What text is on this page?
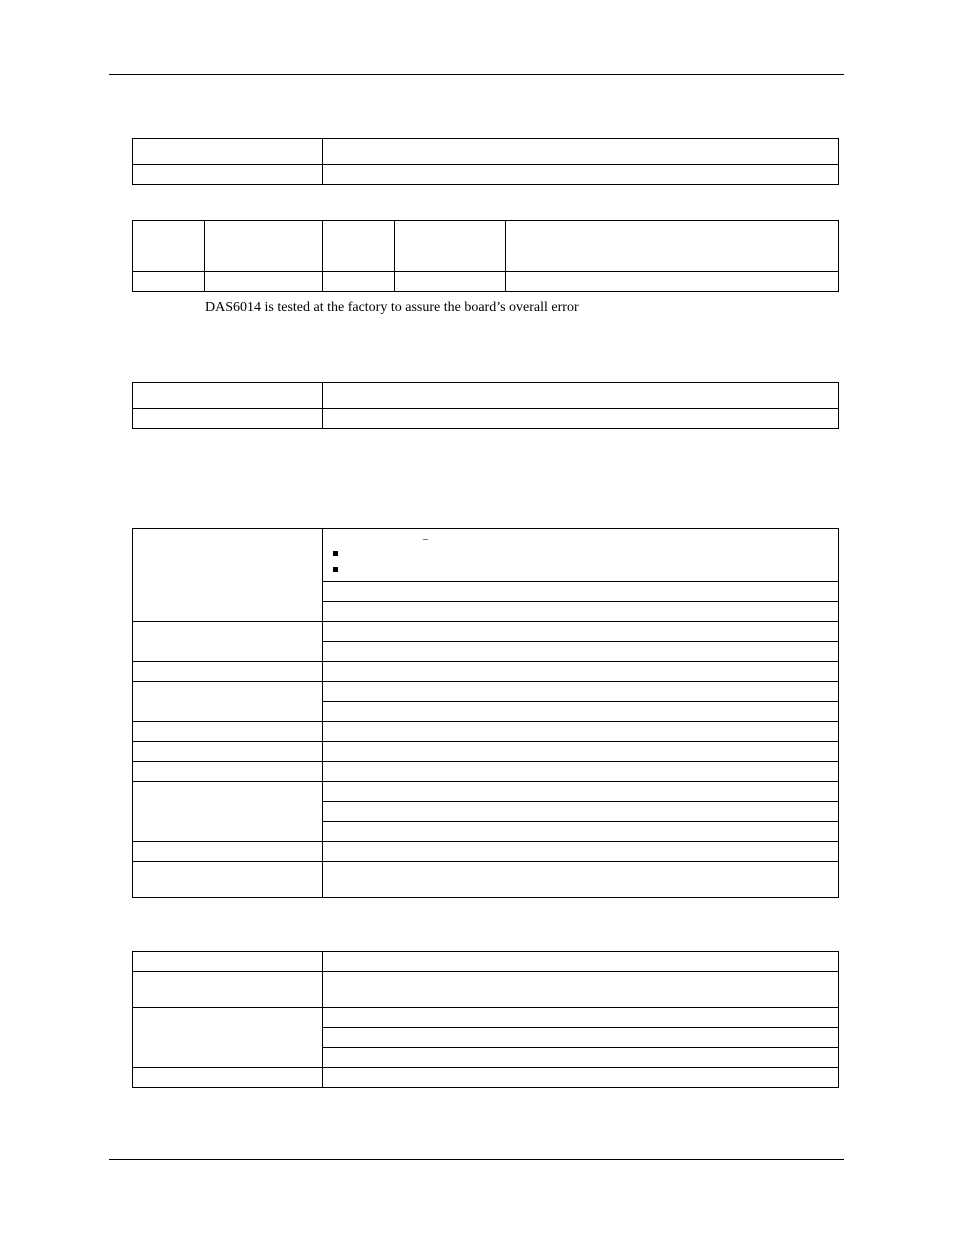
DAS6014 is tested at the factory to assure the board’s overall error

_
